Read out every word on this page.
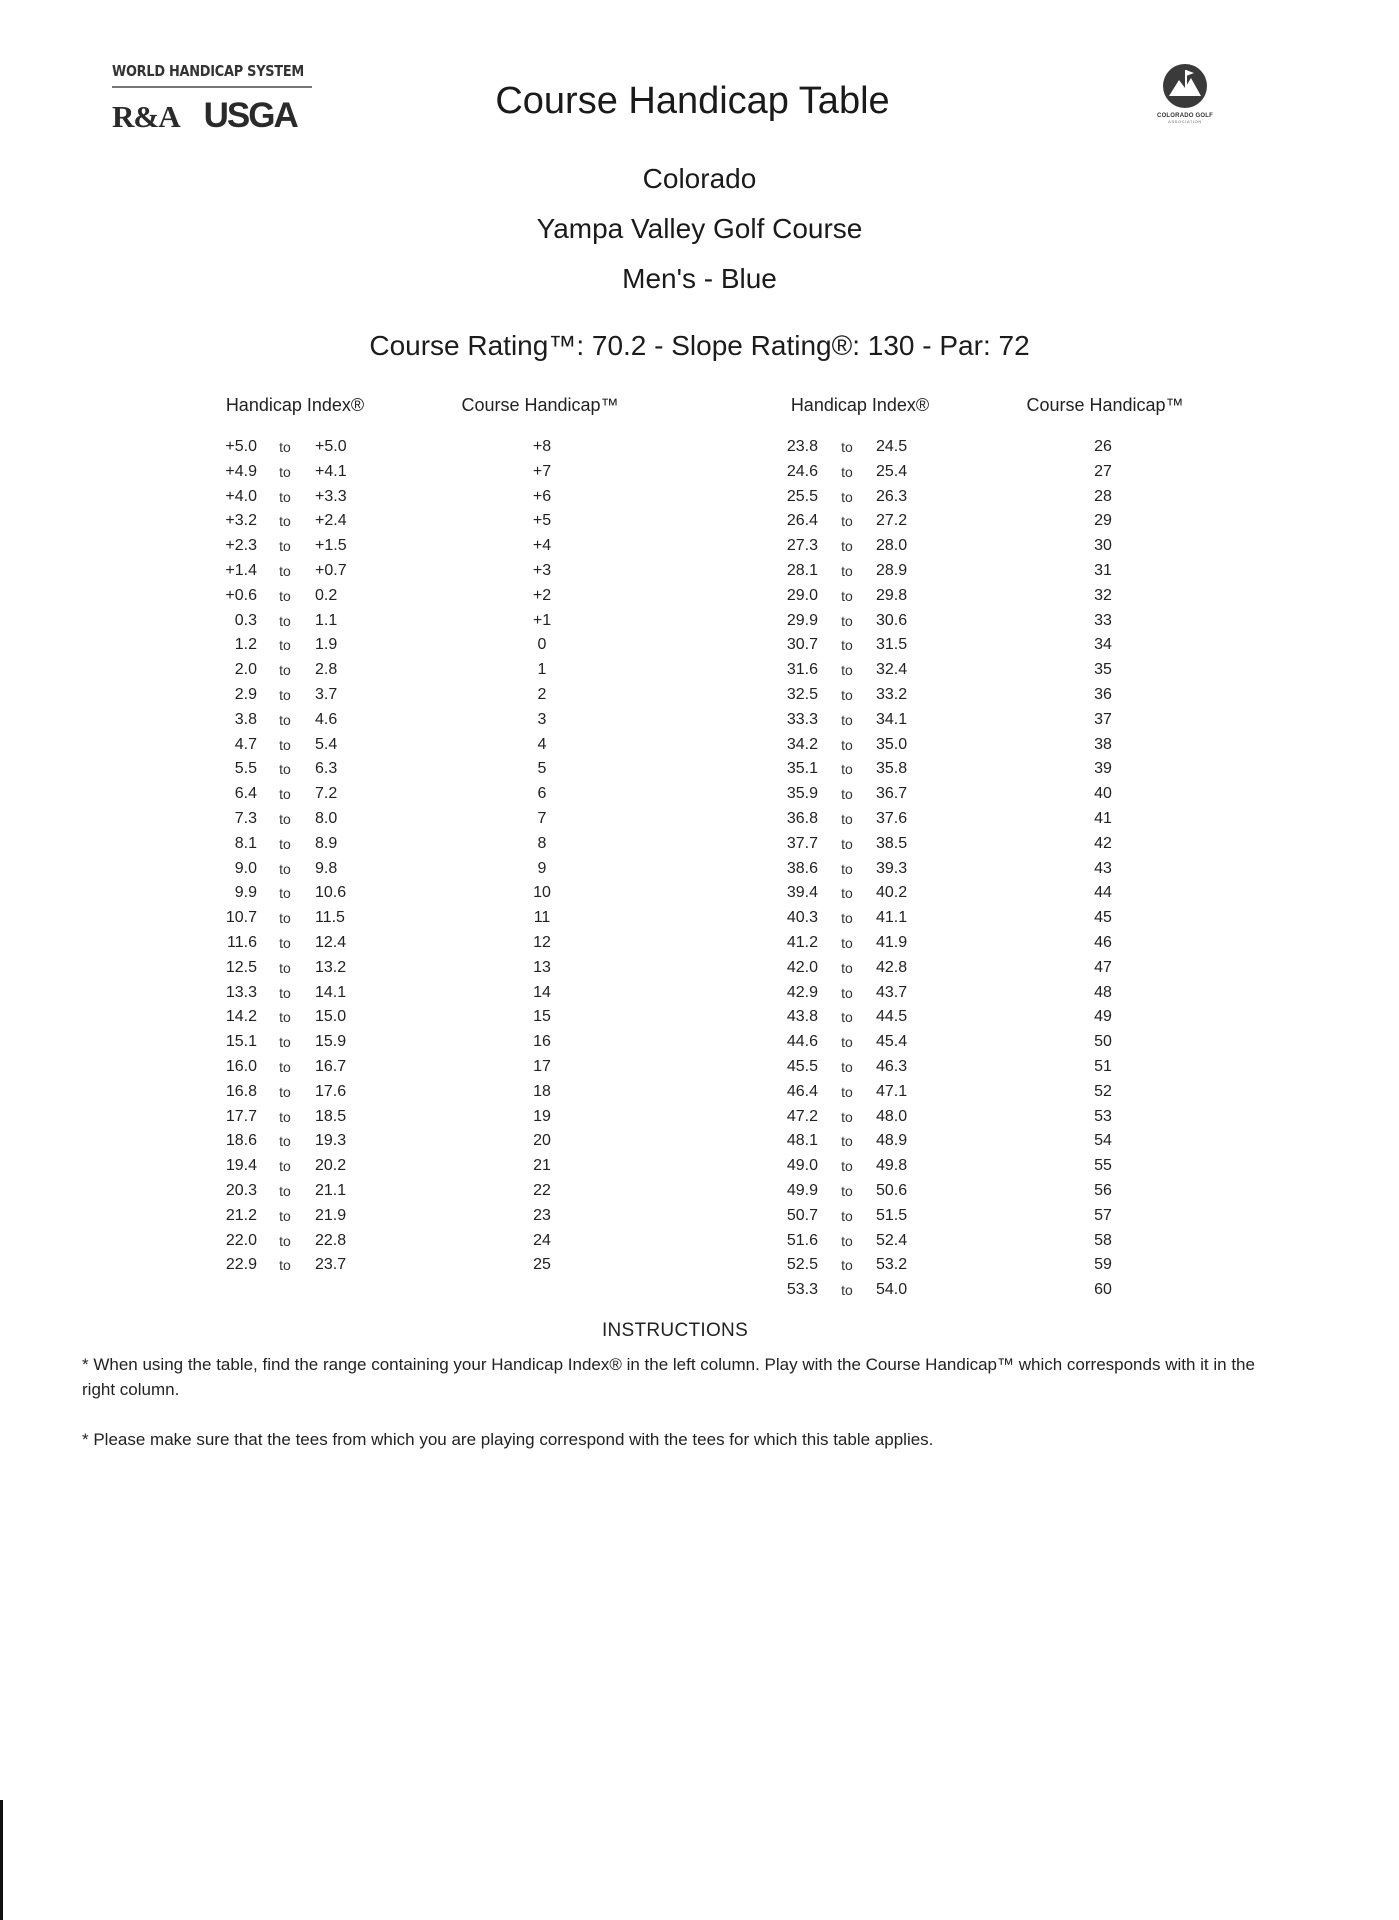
WORLD HANDICAP SYSTEM
R&A USGA	Course Handicap Table	COLORADO GOLF
ASSOCIATION
Colorado
Yampa Valley Golf Course
Men's - Blue
Course Rating™: 70.2 - Slope Rating®: 130 - Par: 72
Handicap Index®	Course Handicap™	Handicap Index®	Course Handicap™
+5.0	to	+5.0	+8
+4.9	to	+4.1	+7
+4.0	to	+3.3	+6
+3.2	to	+2.4	+5
+2.3	to	+1.5	+4
+1.4	to	+0.7	+3
+0.6	to	0.2	+2
0.3	to	1.1	+1
1.2	to	1.9	0
2.0	to	2.8	1
2.9	to	3.7	2
3.8	to	4.6	3
4.7	to	5.4	4
5.5	to	6.3	5
6.4	to	7.2	6
7.3	to	8.0	7
8.1	to	8.9	8
9.0	to	9.8	9
9.9	to	10.6	10
10.7	to	11.5	11
11.6	to	12.4	12
12.5	to	13.2	13
13.3	to	14.1	14
14.2	to	15.0	15
15.1	to	15.9	16
16.0	to	16.7	17
16.8	to	17.6	18
17.7	to	18.5	19
18.6	to	19.3	20
19.4	to	20.2	21
20.3	to	21.1	22
21.2	to	21.9	23
22.0	to	22.8	24
22.9	to	23.7	25
23.8	to	24.5	26
24.6	to	25.4	27
25.5	to	26.3	28
26.4	to	27.2	29
27.3	to	28.0	30
28.1	to	28.9	31
29.0	to	29.8	32
29.9	to	30.6	33
30.7	to	31.5	34
31.6	to	32.4	35
32.5	to	33.2	36
33.3	to	34.1	37
34.2	to	35.0	38
35.1	to	35.8	39
35.9	to	36.7	40
36.8	to	37.6	41
37.7	to	38.5	42
38.6	to	39.3	43
39.4	to	40.2	44
40.3	to	41.1	45
41.2	to	41.9	46
42.0	to	42.8	47
42.9	to	43.7	48
43.8	to	44.5	49
44.6	to	45.4	50
45.5	to	46.3	51
46.4	to	47.1	52
47.2	to	48.0	53
48.1	to	48.9	54
49.0	to	49.8	55
49.9	to	50.6	56
50.7	to	51.5	57
51.6	to	52.4	58
52.5	to	53.2	59
53.3	to	54.0	60
INSTRUCTIONS
* When using the table, find the range containing your Handicap Index® in the left column. Play with the Course Handicap™ which corresponds with it in the right column.
* Please make sure that the tees from which you are playing correspond with the tees for which this table applies.
